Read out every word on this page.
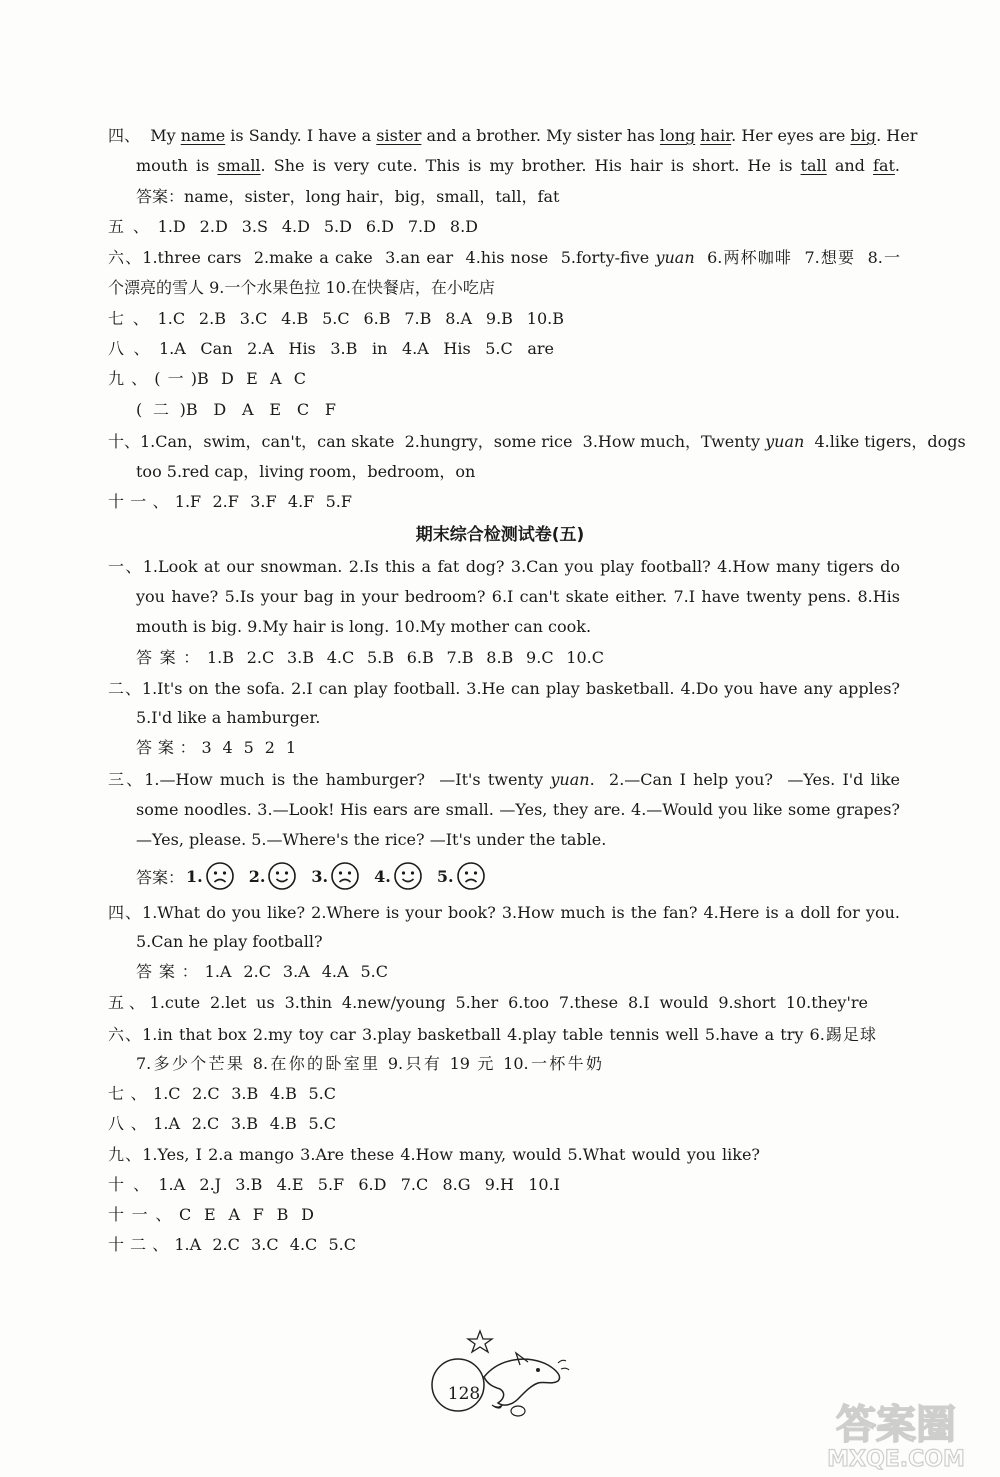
四、  My name is Sandy. I have a sister and a brother. My sister has long hair. Her eyes are big. Her
mouth is small. She is very cute. This is my brother. His hair is short. He is tall and fat.
答案：name，sister，long hair，big，small，tall，fat
五、1.D 2.D 3.S 4.D 5.D 6.D 7.D 8.D
六、1.three cars  2.make a cake  3.an ear  4.his nose  5.forty-five yuan  6.两杯咖啡  7.想要  8.一
个漂亮的雪人 9.一个水果色拉 10.在快餐店，在小吃店
七、1.C 2.B 3.C 4.B 5.C 6.B 7.B 8.A 9.B 10.B
八、1.A Can 2.A His 3.B in 4.A His 5.C are
九、(一)B D E A C
(二)B D A E C F
十、1.Can，swim，can't，can skate  2.hungry，some rice  3.How much，Twenty yuan  4.like tigers，dogs
too 5.red cap，living room，bedroom，on
十一、1.F 2.F 3.F 4.F 5.F
期末综合检测试卷(五)
一、1.Look at our snowman. 2.Is this a fat dog? 3.Can you play football? 4.How many tigers do
you have? 5.Is your bag in your bedroom? 6.I can't skate either. 7.I have twenty pens. 8.His
mouth is big. 9.My hair is long. 10.My mother can cook.
答案：1.B 2.C 3.B 4.C 5.B 6.B 7.B 8.B 9.C 10.C
二、1.It's on the sofa. 2.I can play football. 3.He can play basketball. 4.Do you have any apples?
5.I'd like a hamburger.
答案：3 4 5 2 1
三、1.—How much is the hamburger?  —It's twenty yuan.  2.—Can I help you?  —Yes. I'd like
some noodles. 3.—Look! His ears are small. —Yes, they are. 4.—Would you like some grapes?
—Yes, please. 5.—Where's the rice? —It's under the table.
答案： 1.	2.	3.	4.	5.
四、1.What do you like? 2.Where is your book? 3.How much is the fan? 4.Here is a doll for you.
5.Can he play football?
答案：1.A 2.C 3.A 4.A 5.C
五、1.cute 2.let us 3.thin 4.new/young 5.her 6.too 7.these 8.I would 9.short 10.they're
六、1.in that box 2.my toy car 3.play basketball 4.play table tennis well 5.have a try 6.踢足球
7.多少个芒果 8.在你的卧室里 9.只有 19 元 10.一杯牛奶
七、1.C 2.C 3.B 4.B 5.C
八、1.A 2.C 3.B 4.B 5.C
九、1.Yes, I 2.a mango 3.Are these 4.How many, would 5.What would you like?
十、1.A 2.J 3.B 4.E 5.F 6.D 7.C 8.G 9.H 10.I
十一、C E A F B D
十二、1.A 2.C 3.C 4.C 5.C
128
答案圈
MXQE.COM
